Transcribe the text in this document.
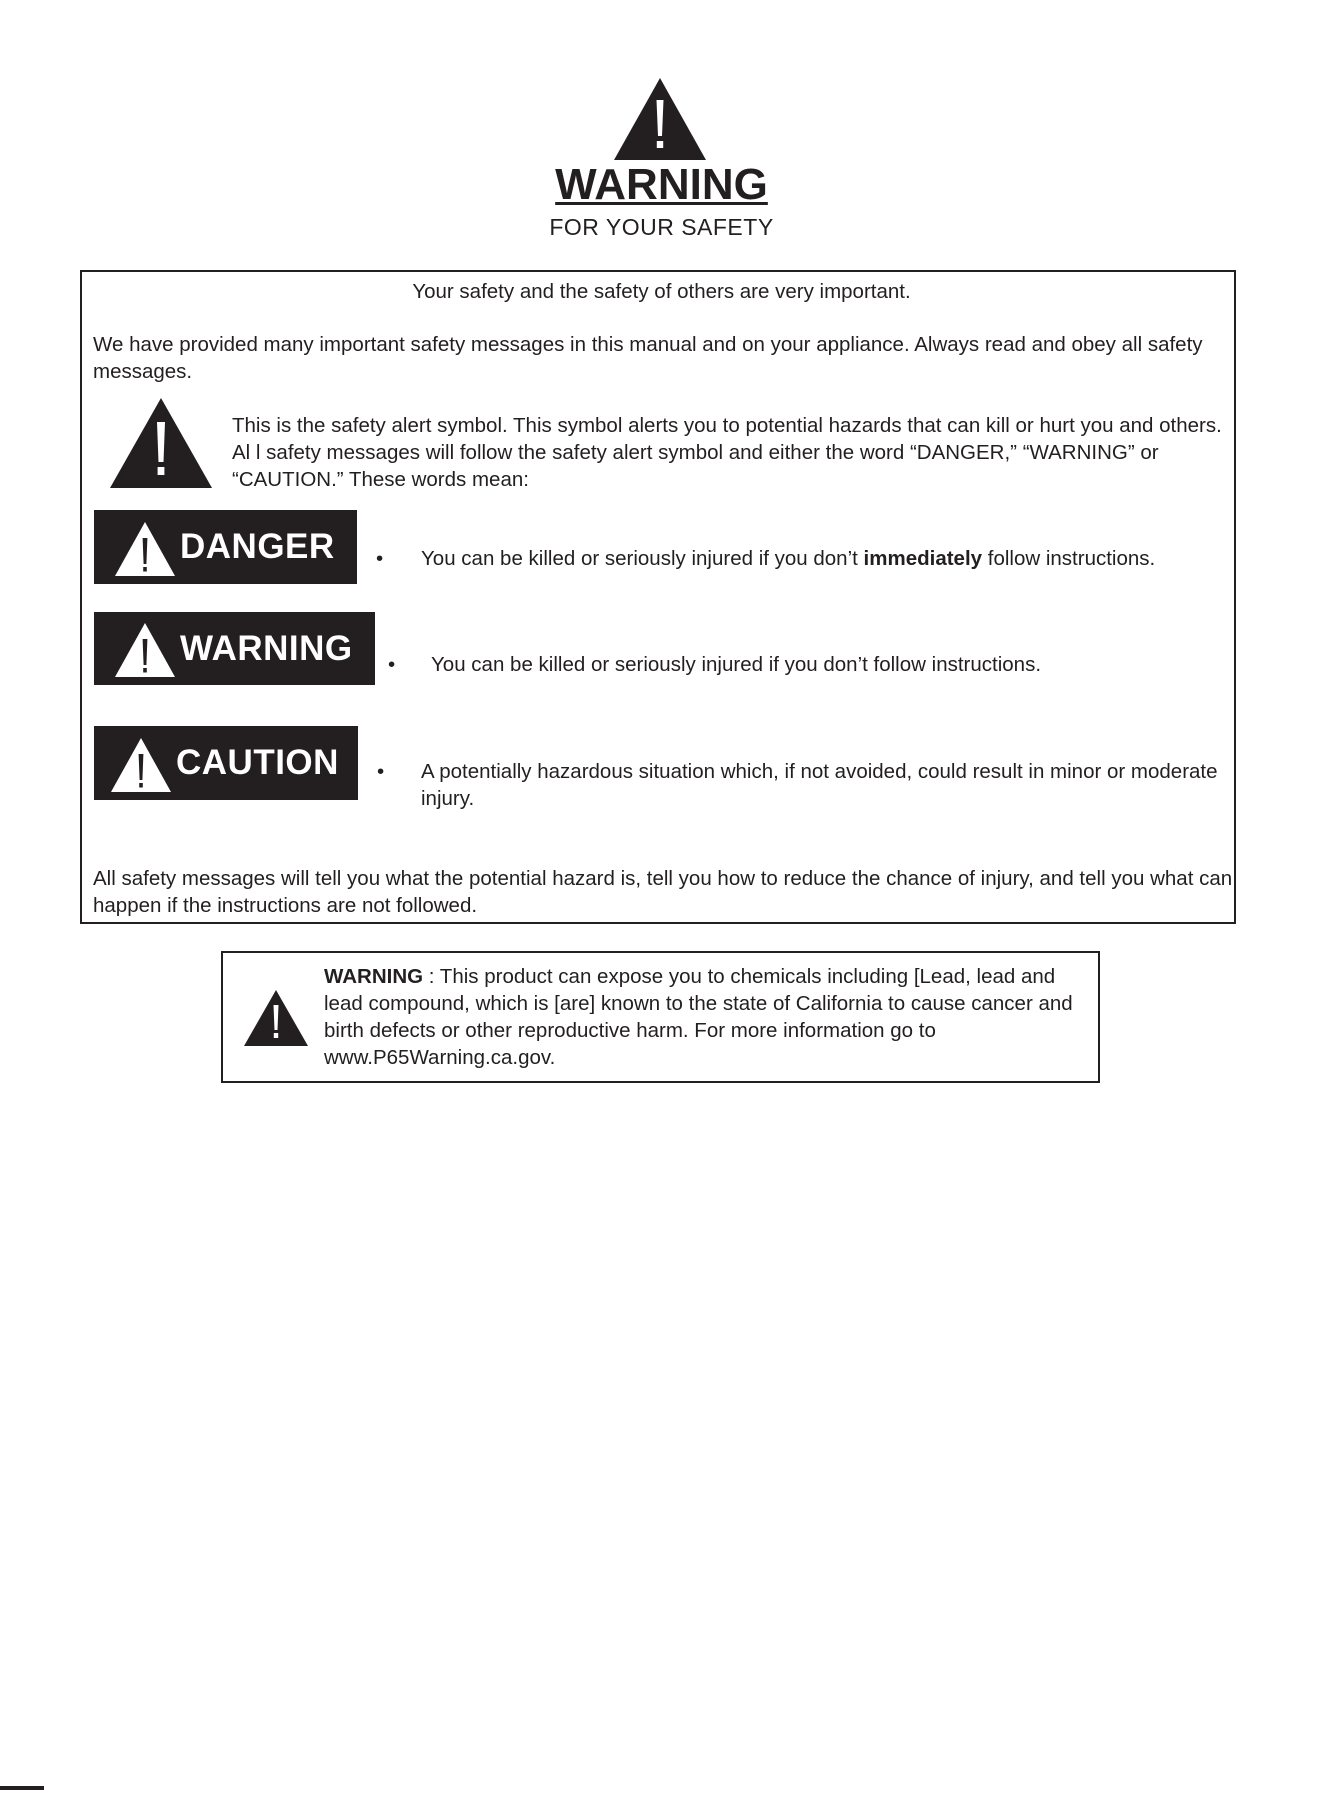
WARNING
FOR YOUR SAFETY
Your safety and the safety of others are very important.
We have provided many important safety messages in this manual and on your appliance. Always read and obey all safety messages.
This is the safety alert symbol. This symbol alerts you to potential hazards that can kill or hurt you and others. Al l safety messages will follow the safety alert symbol and either the word “DANGER,” “WARNING” or “CAUTION.” These words mean:
DANGER • You can be killed or seriously injured if you don’t immediately follow instructions.
WARNING • You can be killed or seriously injured if you don’t follow instructions.
CAUTION • A potentially hazardous situation which, if not avoided, could result in minor or moderate injury.
All safety messages will tell you what the potential hazard is, tell you how to reduce the chance of injury, and tell you what can happen if the instructions are not followed.
WARNING : This product can expose you to chemicals including [Lead, lead and lead compound, which is [are] known to the state of California to cause cancer and birth defects or other reproductive harm. For more information go to www.P65Warning.ca.gov.
